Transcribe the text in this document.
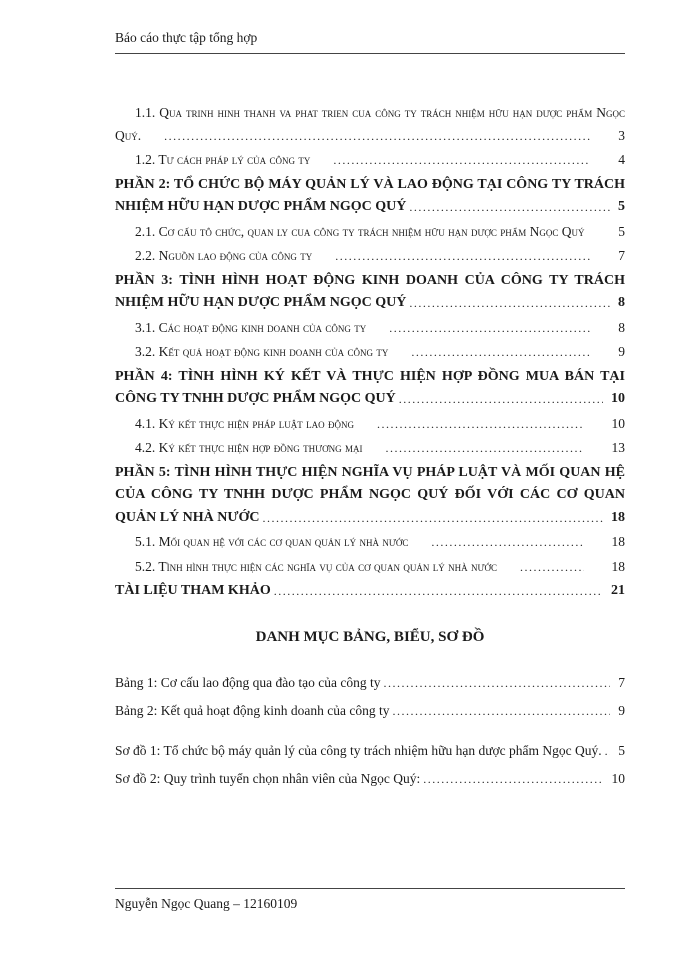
Báo cáo thực tập tổng hợp
1.1. Qua trinh hinh thanh va phat trien cua công ty trách nhiệm hữu hạn dược phẩm Ngọc Quý.	3
.....
1.2. Tư cách pháp lý của công ty	4
.....
PHẦN 2: TỔ CHỨC BỘ MÁY QUẢN LÝ VÀ LAO ĐỘNG TẠI CÔNG TY TRÁCH NHIỆM HỮU HẠN DƯỢC PHẨM NGỌC QUÝ	5
.....
2.1. Cơ cấu tô chức, quan ly cua công ty trách nhiệm hữu hạn dược phẩm Ngọc Quý	5
.....
2.2. Nguồn lao động của công ty	7
.....
PHẦN 3: TÌNH HÌNH HOẠT ĐỘNG KINH DOANH CỦA CÔNG TY TRÁCH NHIỆM HỮU HẠN DƯỢC PHẨM NGỌC QUÝ	8
.....
3.1. Các hoạt động kinh doanh của công ty	8
.....
3.2. Kết quả hoạt động kinh doanh của công ty	9
.....
PHẦN 4: TÌNH HÌNH KÝ KẾT VÀ THỰC HIỆN HỢP ĐỒNG MUA BÁN TẠI CÔNG TY TNHH DƯỢC PHẨM NGỌC QUÝ	10
.....
4.1. Ký kết thực hiện pháp luật lao động	10
.....
4.2. Ký kết thực hiện hợp đồng thương mại	13
.....
PHẦN 5: TÌNH HÌNH THỰC HIỆN NGHĨA VỤ PHÁP LUẬT VÀ MỐI QUAN HỆ CỦA CÔNG TY TNHH DƯỢC PHẨM NGỌC QUÝ ĐỐI VỚI CÁC CƠ QUAN QUẢN LÝ NHÀ NƯỚC	18
.....
5.1. Mối quan hệ với các cơ quan quản lý nhà nước	18
.....
5.2. Tình hình thực hiện các nghĩa vụ của cơ quan quản lý nhà nước	18
.....
TÀI LIỆU THAM KHẢO	21
.....
DANH MỤC BẢNG, BIỂU, SƠ ĐỒ
Bảng 1: Cơ cấu lao động qua đào tạo của công ty	7
.....
Bảng 2: Kết quả hoạt động kinh doanh của công ty	9
.....
Sơ đồ 1: Tổ chức bộ máy quản lý của công ty trách nhiệm hữu hạn dược phẩm Ngọc Quý.	5
.....
Sơ đồ 2: Quy trình tuyển chọn nhân viên của Ngọc Quý:	10
.....
Nguyễn Ngọc Quang – 12160109
